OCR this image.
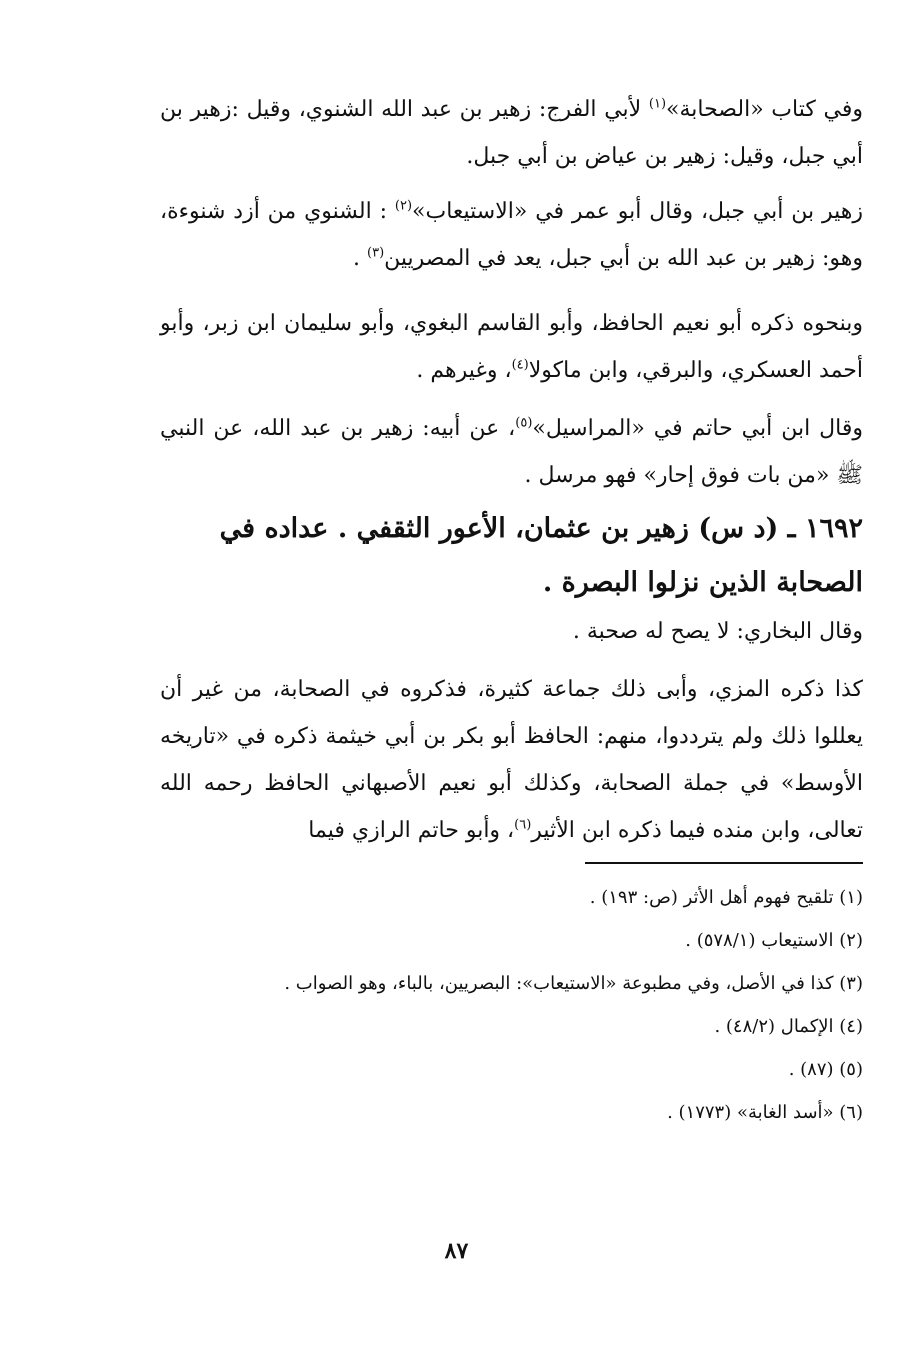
وفي كتاب «الصحابة»$^{(١)}$ لأبي الفرج: زهير بن عبد الله الشنوي، وقيل :زهير بن أبي جبل، وقيل: زهير بن عياض بن أبي جبل.

زهير بن أبي جبل، وقال أبو عمر في «الاستيعاب»$^{(٢)}$ : الشنوي من أزد شنوءة، وهو: زهير بن عبد الله بن أبي جبل، يعد في المصريين$^{(٣)}$ .

وبنحوه ذكره أبو نعيم الحافظ، وأبو القاسم البغوي، وأبو سليمان ابن زبر، وأبو أحمد العسكري، والبرقي، وابن ماكولا$^{(٤)}$، وغيرهم .

وقال ابن أبي حاتم في «المراسيل»$^{(٥)}$، عن أبيه: زهير بن عبد الله، عن النبي ﷺ «من بات فوق إحار» فهو مرسل .

١٦٩٢ ـ (د س) زهير بن عثمان، الأعور الثقفي . عداده في الصحابة الذين نزلوا البصرة .

وقال البخاري: لا يصح له صحبة .

كذا ذكره المزي، وأبى ذلك جماعة كثيرة، فذكروه في الصحابة، من غير أن يعللوا ذلك ولم يترددوا، منهم: الحافظ أبو بكر بن أبي خيثمة ذكره في «تاريخه الأوسط» في جملة الصحابة، وكذلك أبو نعيم الأصبهاني الحافظ رحمه الله تعالى، وابن منده فيما ذكره ابن الأثير$^{(٦)}$، وأبو حاتم الرازي فيما

(١) تلقيح فهوم أهل الأثر (ص: ١٩٣) .

(٢) الاستيعاب (٥٧٨/١) .

(٣) كذا في الأصل، وفي مطبوعة «الاستيعاب»: البصريين، بالباء، وهو الصواب .

(٤) الإكمال (٤٨/٢) .

(٥) (٨٧) .

(٦) «أسد الغابة» (١٧٧٣) .

٨٧
